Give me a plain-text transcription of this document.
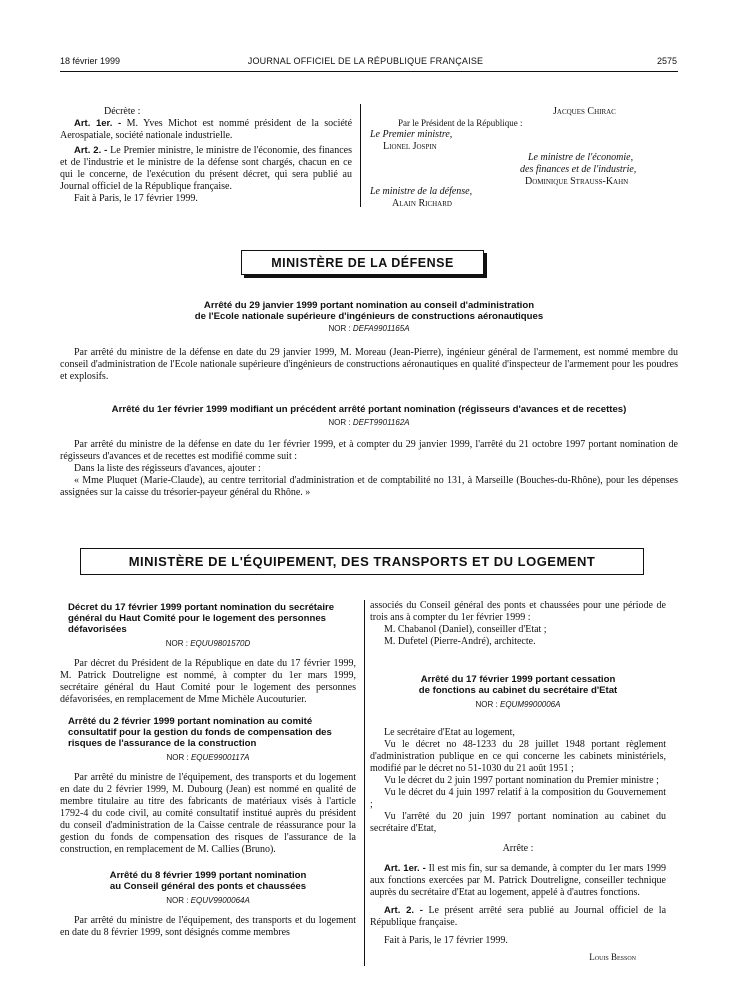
18 février 1999	JOURNAL OFFICIEL DE LA RÉPUBLIQUE FRANÇAISE	2575

Décrète :

Art. 1er. - M. Yves Michot est nommé président de la société Aerospatiale, société nationale industrielle.

Art. 2. - Le Premier ministre, le ministre de l'économie, des finances et de l'industrie et le ministre de la défense sont chargés, chacun en ce qui le concerne, de l'exécution du présent décret, qui sera publié au Journal officiel de la République française.

Fait à Paris, le 17 février 1999.

Jacques Chirac
Par le Président de la République :
Le Premier ministre,
Lionel Jospin
Le ministre de l'économie,
des finances et de l'industrie,
Dominique Strauss-Kahn
Le ministre de la défense,
Alain Richard
MINISTÈRE DE LA DÉFENSE
Arrêté du 29 janvier 1999 portant nomination au conseil d'administration
de l'Ecole nationale supérieure d'ingénieurs de constructions aéronautiques
NOR : DEFA9901165A

Par arrêté du ministre de la défense en date du 29 janvier 1999, M. Moreau (Jean-Pierre), ingénieur général de l'armement, est nommé membre du conseil d'administration de l'Ecole nationale supérieure d'ingénieurs de constructions aéronautiques en qualité d'inspecteur de l'armement pour les poudres et explosifs.

Arrêté du 1er février 1999 modifiant un précédent arrêté portant nomination (régisseurs d'avances et de recettes)
NOR : DEFT9901162A

Par arrêté du ministre de la défense en date du 1er février 1999, et à compter du 29 janvier 1999, l'arrêté du 21 octobre 1997 portant nomination de régisseurs d'avances et de recettes est modifié comme suit :

Dans la liste des régisseurs d'avances, ajouter :

« Mme Pluquet (Marie-Claude), au centre territorial d'administration et de comptabilité no 131, à Marseille (Bouches-du-Rhône), pour les dépenses assignées sur la caisse du trésorier-payeur général du Rhône. »

MINISTÈRE DE L'ÉQUIPEMENT, DES TRANSPORTS ET DU LOGEMENT
Décret du 17 février 1999 portant nomination du secrétaire général du Haut Comité pour le logement des personnes défavorisées
NOR : EQUU9801570D

Par décret du Président de la République en date du 17 février 1999, M. Patrick Doutreligne est nommé, à compter du 1er mars 1999, secrétaire général du Haut Comité pour le logement des personnes défavorisées, en remplacement de Mme Michèle Aucouturier.

Arrêté du 2 février 1999 portant nomination au comité consultatif pour la gestion du fonds de compensation des risques de l'assurance de la construction
NOR : EQUE9900117A

Par arrêté du ministre de l'équipement, des transports et du logement en date du 2 février 1999, M. Dubourg (Jean) est nommé en qualité de membre titulaire au titre des fabricants de matériaux visés à l'article 1792-4 du code civil, au comité consultatif institué auprès du président du conseil d'administration de la Caisse centrale de réassurance pour la gestion du fonds de compensation des risques de l'assurance de la construction, en remplacement de M. Callies (Bruno).

Arrêté du 8 février 1999 portant nomination
au Conseil général des ponts et chaussées
NOR : EQUV9900064A

Par arrêté du ministre de l'équipement, des transports et du logement en date du 8 février 1999, sont désignés comme membres

associés du Conseil général des ponts et chaussées pour une période de trois ans à compter du 1er février 1999 :

M. Chabanol (Daniel), conseiller d'Etat ;

M. Dufetel (Pierre-André), architecte.

Arrêté du 17 février 1999 portant cessation
de fonctions au cabinet du secrétaire d'Etat
NOR : EQUM9900006A

Le secrétaire d'Etat au logement,

Vu le décret no 48-1233 du 28 juillet 1948 portant règlement d'administration publique en ce qui concerne les cabinets ministériels, modifié par le décret no 51-1030 du 21 août 1951 ;

Vu le décret du 2 juin 1997 portant nomination du Premier ministre ;

Vu le décret du 4 juin 1997 relatif à la composition du Gouvernement ;

Vu l'arrêté du 20 juin 1997 portant nomination au cabinet du secrétaire d'Etat,

Arrête :

Art. 1er. - Il est mis fin, sur sa demande, à compter du 1er mars 1999 aux fonctions exercées par M. Patrick Doutreligne, conseiller technique auprès du secrétaire d'Etat au logement, appelé à d'autres fonctions.

Art. 2. - Le présent arrêté sera publié au Journal officiel de la République française.

Fait à Paris, le 17 février 1999.

Louis Besson
